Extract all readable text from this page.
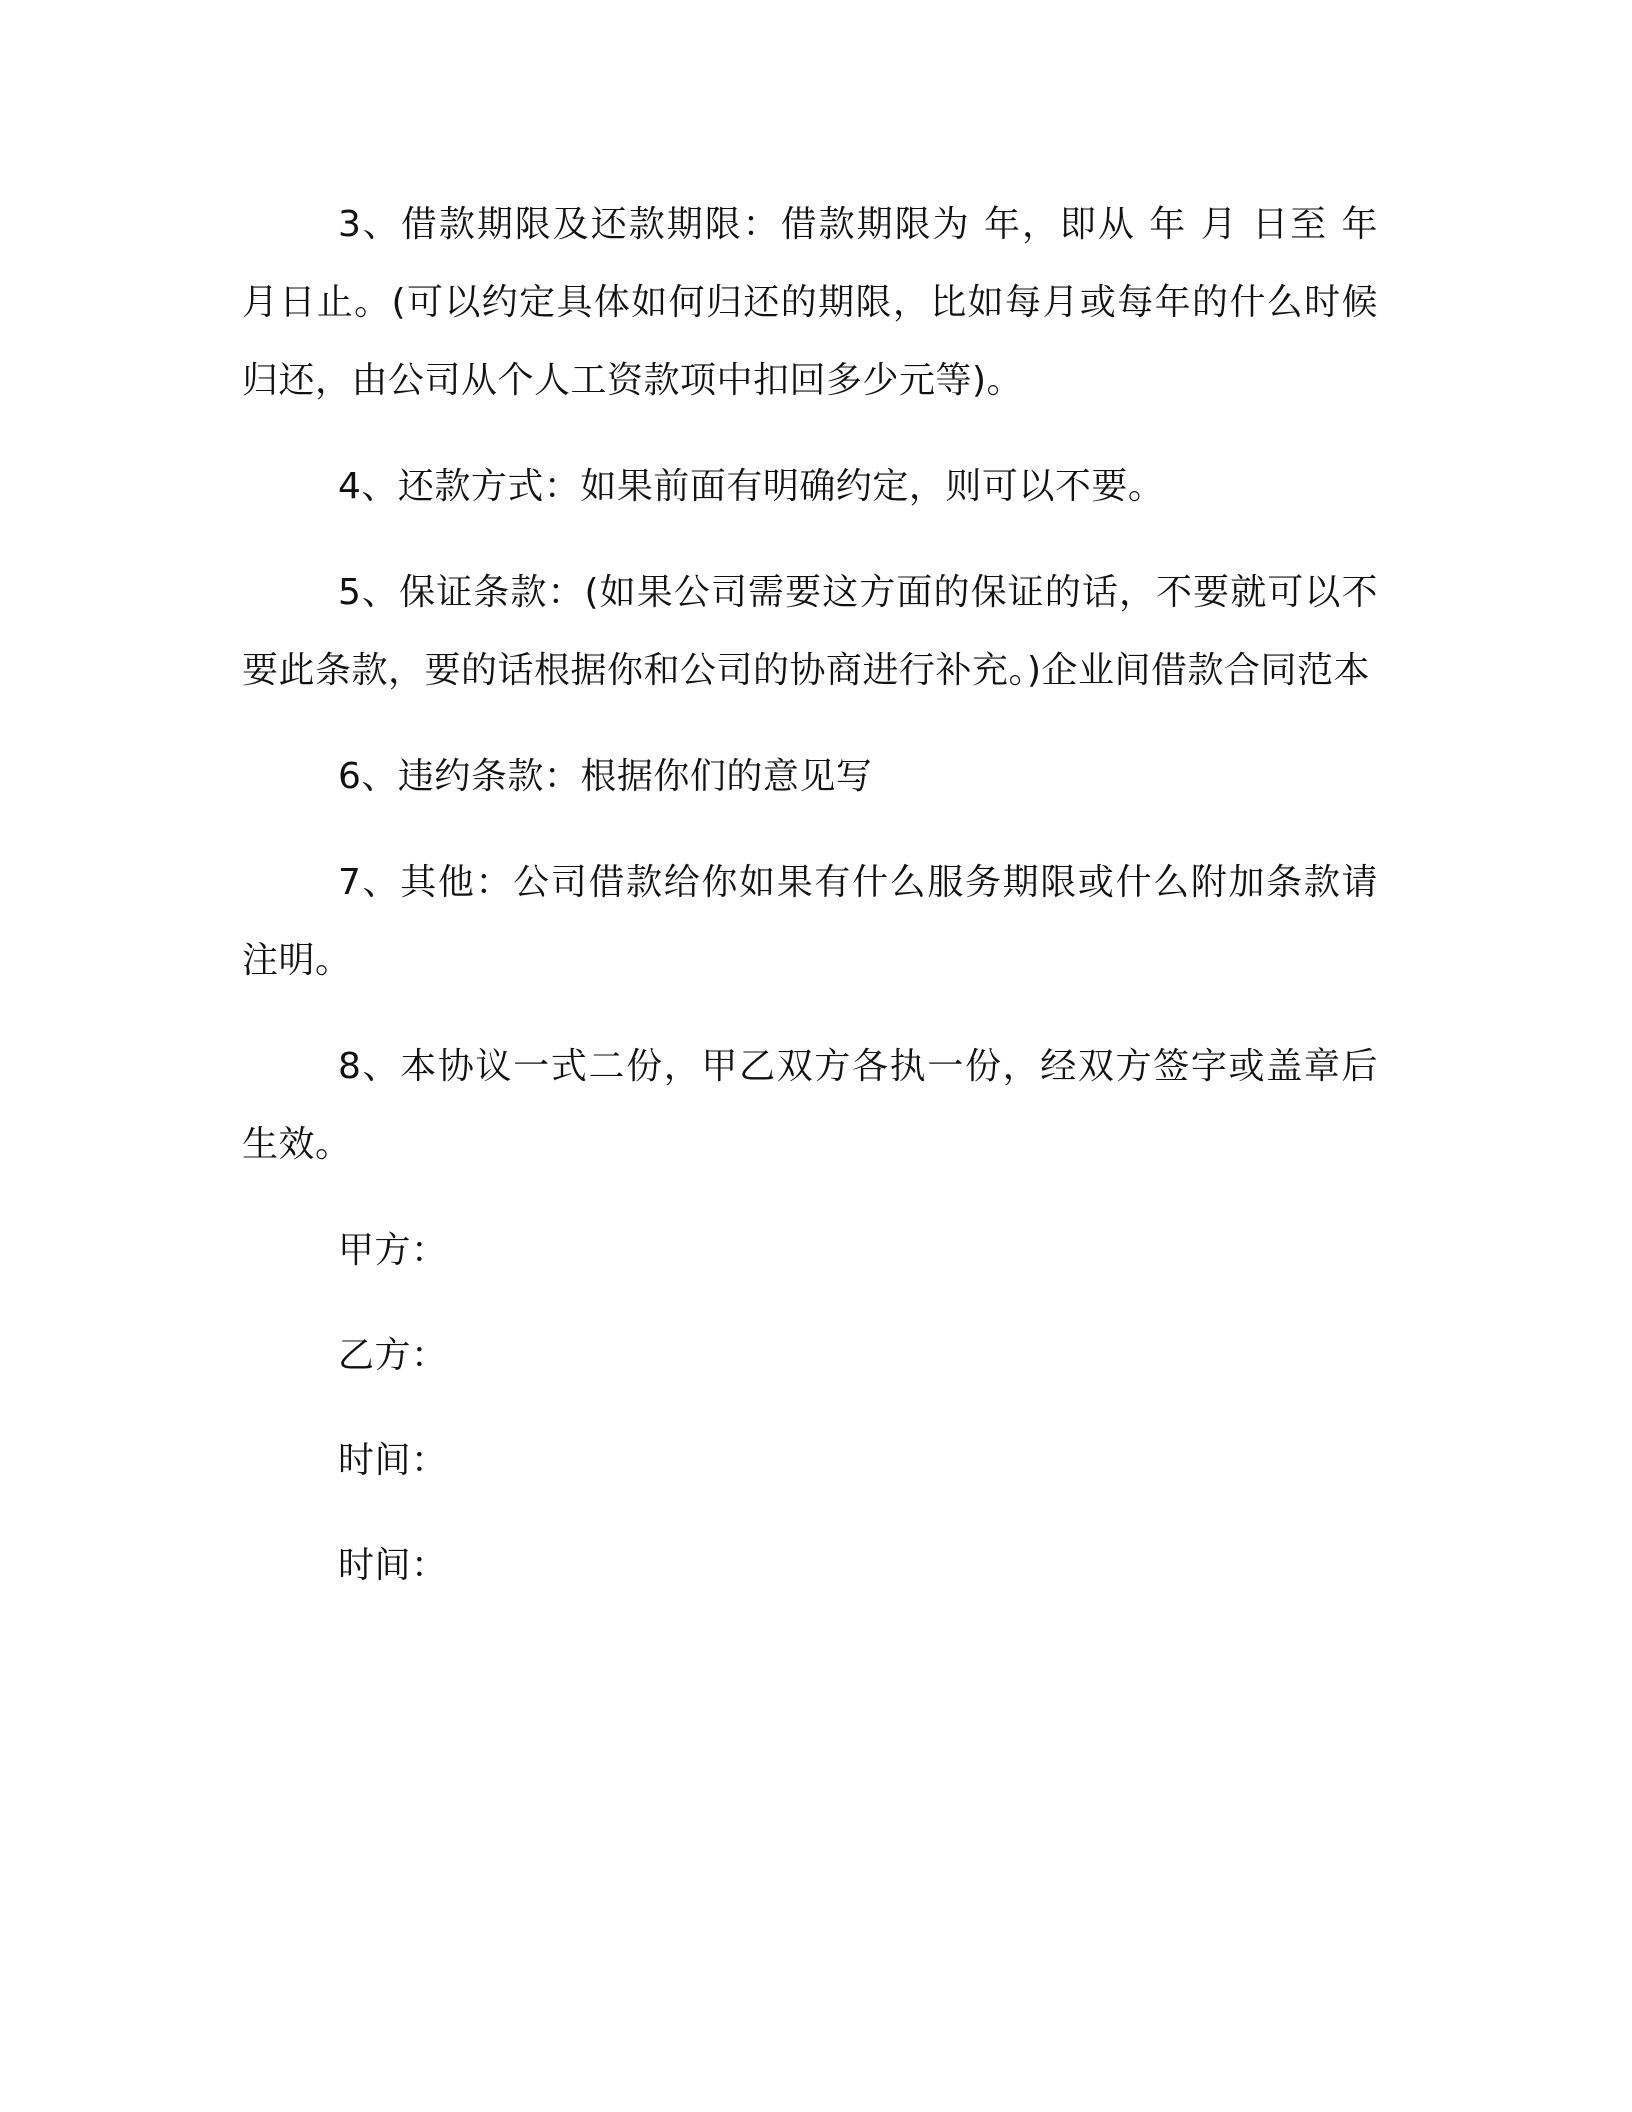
3、借款期限及还款期限：借款期限为 年，即从 年 月 日至 年 月日止。(可以约定具体如何归还的期限，比如每月或每年的什么时候归还，由公司从个人工资款项中扣回多少元等)。

4、还款方式：如果前面有明确约定，则可以不要。

5、保证条款：(如果公司需要这方面的保证的话，不要就可以不要此条款，要的话根据你和公司的协商进行补充。)企业间借款合同范本

6、违约条款：根据你们的意见写

7、其他：公司借款给你如果有什么服务期限或什么附加条款请注明。

8、本协议一式二份，甲乙双方各执一份，经双方签字或盖章后生效。

甲方：

乙方：

时间：

时间：
